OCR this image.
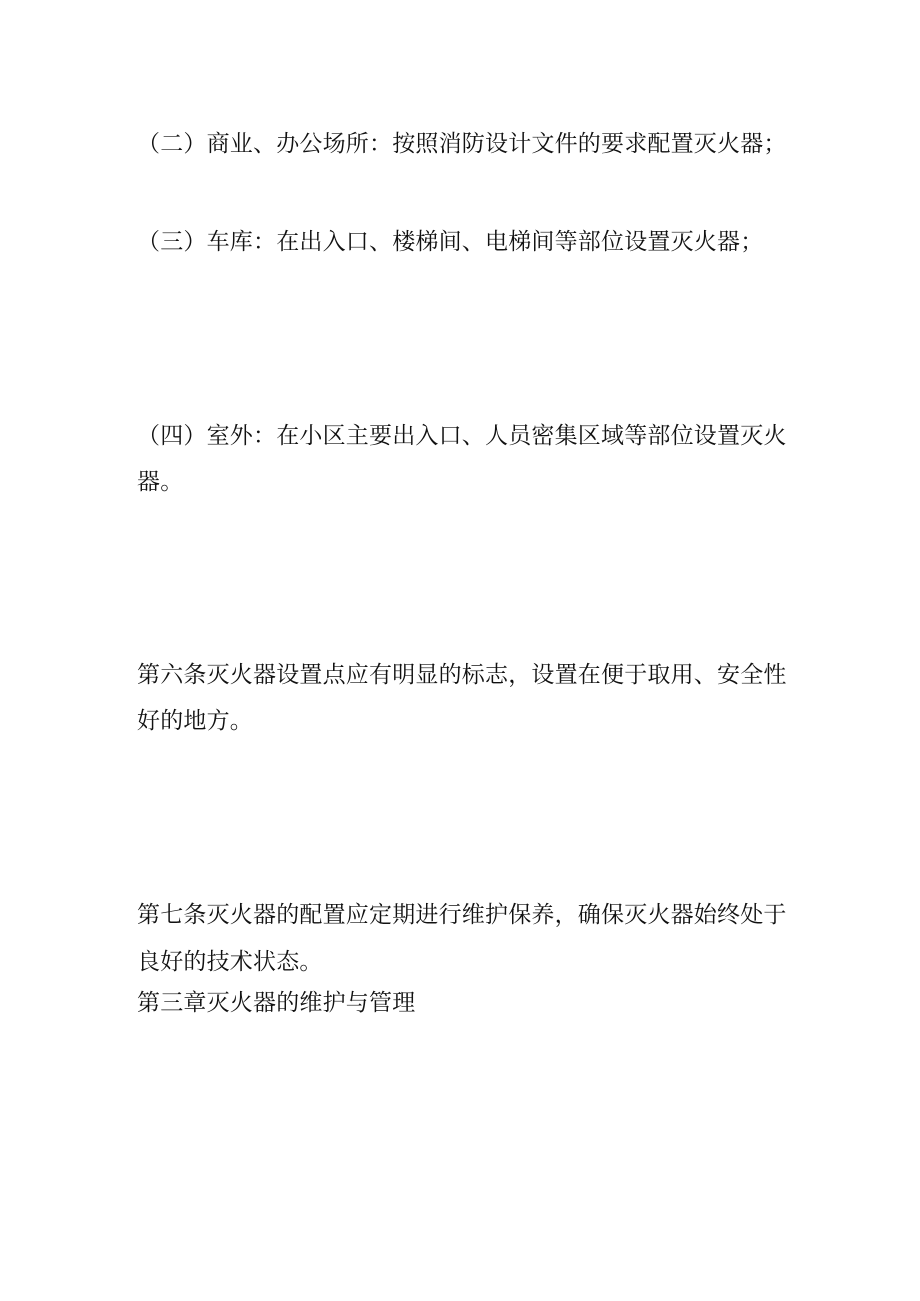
（二）商业、办公场所：按照消防设计文件的要求配置灭火器；

（三）车库：在出入口、楼梯间、电梯间等部位设置灭火器；

（四）室外：在小区主要出入口、人员密集区域等部位设置灭火

器。

第六条灭火器设置点应有明显的标志，设置在便于取用、安全性

好的地方。

第七条灭火器的配置应定期进行维护保养，确保灭火器始终处于

良好的技术状态。

第三章灭火器的维护与管理
